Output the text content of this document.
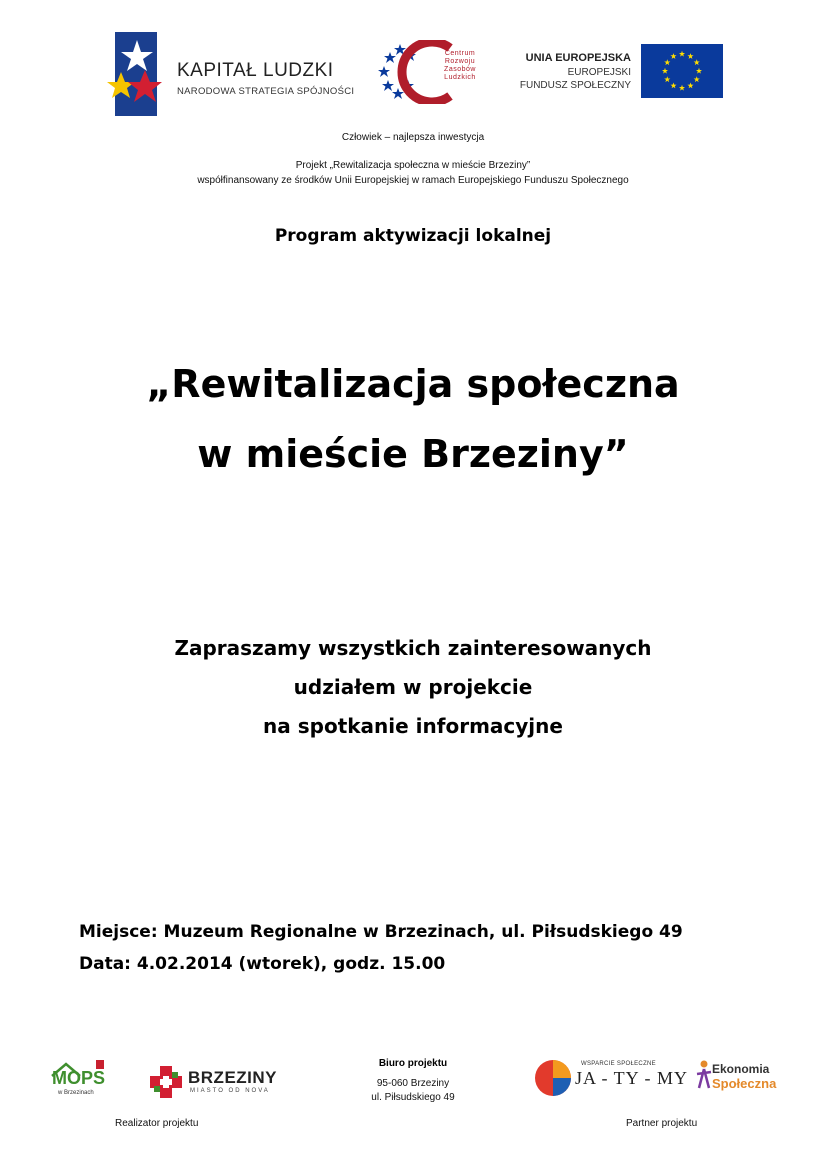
KAPITAŁ LUDZKI
NARODOWA STRATEGIA SPÓJNOŚCI
Centrum
Rozwoju
Zasobów
Ludzkich
UNIA EUROPEJSKA
EUROPEJSKI
FUNDUSZ SPOŁECZNY
Człowiek – najlepsza inwestycja
Projekt „Rewitalizacja społeczna w mieście Brzeziny”
współfinansowany ze środków Unii Europejskiej w ramach Europejskiego Funduszu Społecznego
Program aktywizacji lokalnej
„Rewitalizacja społeczna
w mieście Brzeziny”
Zapraszamy wszystkich zainteresowanych
udziałem w projekcie
na spotkanie informacyjne
Miejsce: Muzeum Regionalne w Brzezinach, ul. Piłsudskiego 49
Data: 4.02.2014 (wtorek), godz. 15.00
MOPS
w Brzezinach
BRZEZINY
MIASTO OD NOVA
Biuro projektu
95-060 Brzeziny
ul. Piłsudskiego 49
WSPARCIE SPOŁECZNE
JA - TY - MY Ekonomia
Społeczna
Realizator projektu	Partner projektu
